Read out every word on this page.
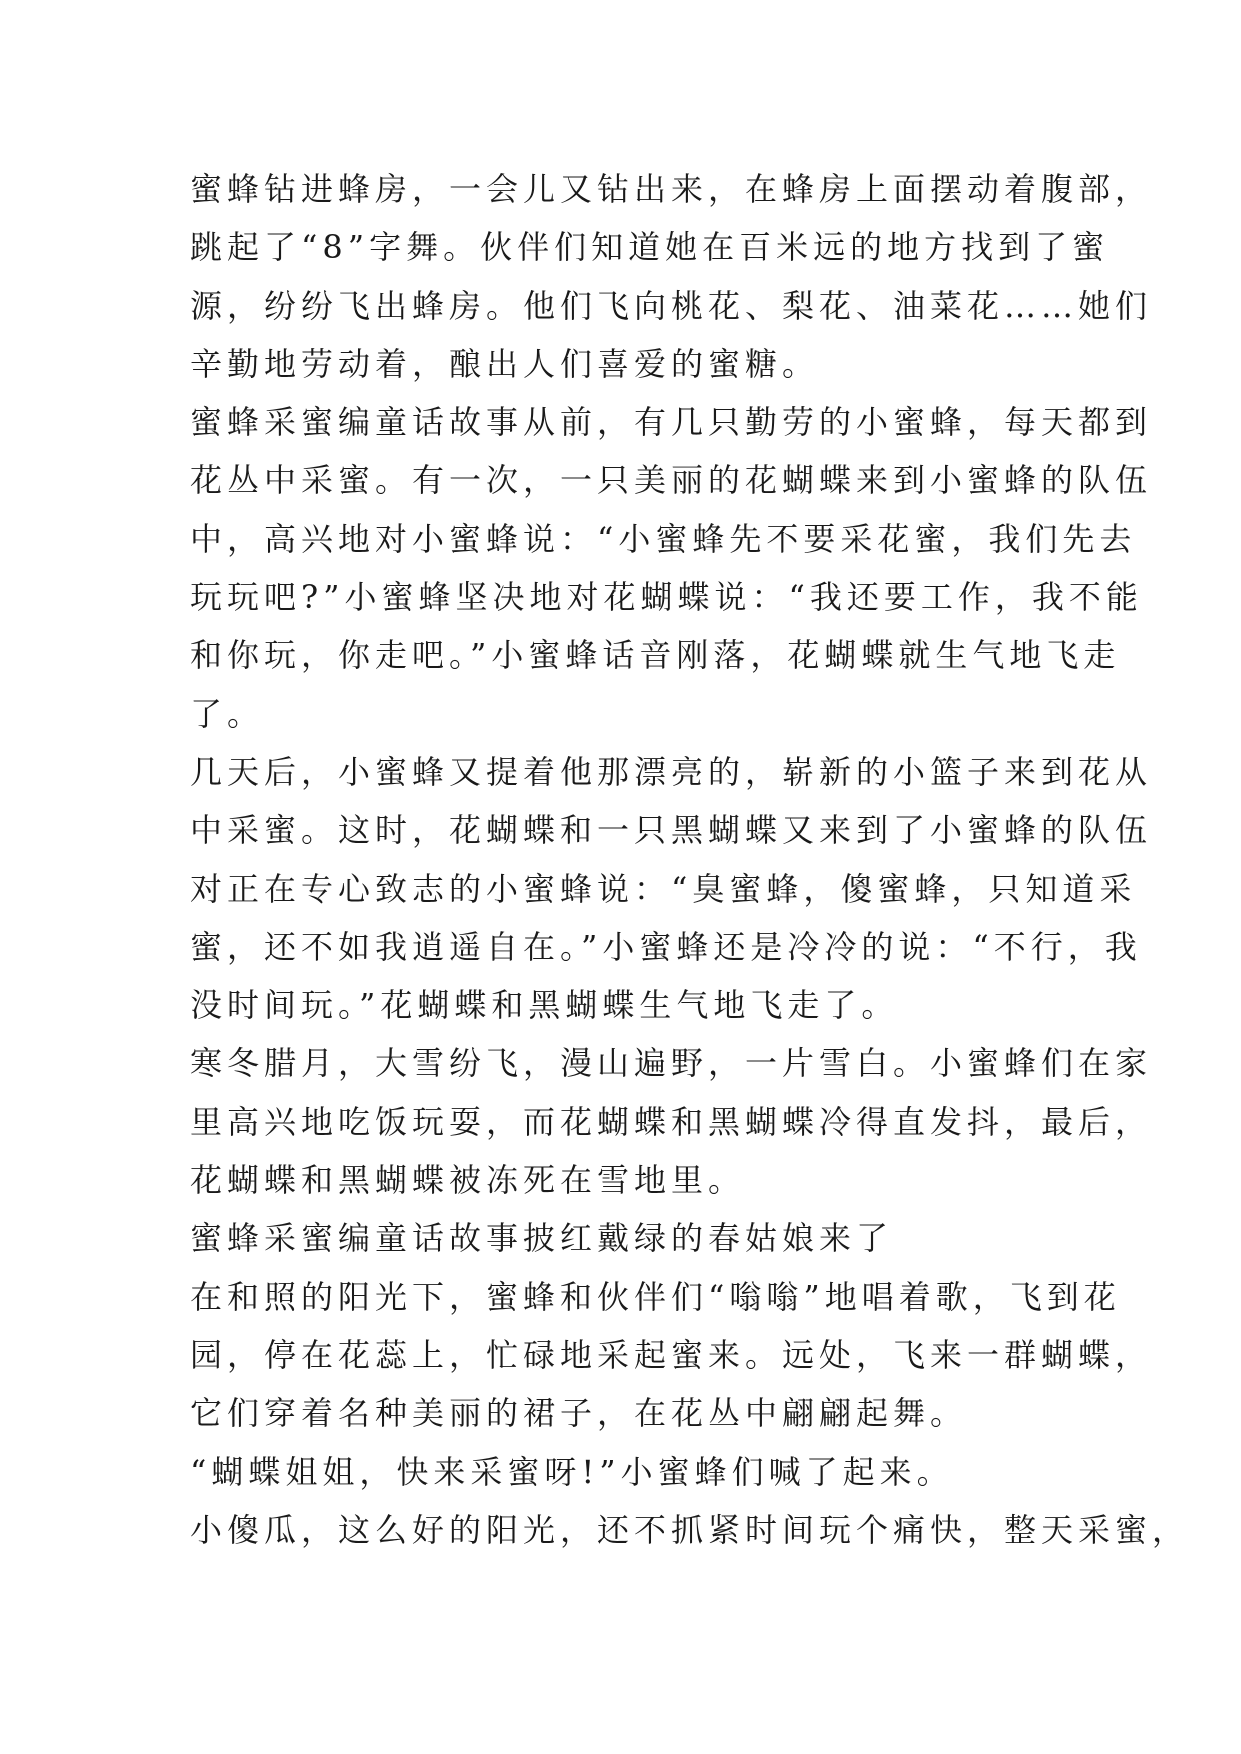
蜜蜂钻进蜂房，一会儿又钻出来，在蜂房上面摆动着腹部，
跳起了“8”字舞。伙伴们知道她在百米远的地方找到了蜜
源，纷纷飞出蜂房。他们飞向桃花、梨花、油菜花……她们
辛勤地劳动着，酿出人们喜爱的蜜糖。
蜜蜂采蜜编童话故事从前，有几只勤劳的小蜜蜂，每天都到
花丛中采蜜。有一次，一只美丽的花蝴蝶来到小蜜蜂的队伍
中，高兴地对小蜜蜂说：“小蜜蜂先不要采花蜜，我们先去
玩玩吧?”小蜜蜂坚决地对花蝴蝶说：“我还要工作，我不能
和你玩，你走吧。”小蜜蜂话音刚落，花蝴蝶就生气地飞走
了。
几天后，小蜜蜂又提着他那漂亮的，崭新的小篮子来到花从
中采蜜。这时，花蝴蝶和一只黑蝴蝶又来到了小蜜蜂的队伍
对正在专心致志的小蜜蜂说：“臭蜜蜂，傻蜜蜂，只知道采
蜜，还不如我逍遥自在。”小蜜蜂还是冷冷的说：“不行，我
没时间玩。”花蝴蝶和黑蝴蝶生气地飞走了。
寒冬腊月，大雪纷飞，漫山遍野，一片雪白。小蜜蜂们在家
里高兴地吃饭玩耍，而花蝴蝶和黑蝴蝶冷得直发抖，最后，
花蝴蝶和黑蝴蝶被冻死在雪地里。
蜜蜂采蜜编童话故事披红戴绿的春姑娘来了
在和照的阳光下，蜜蜂和伙伴们“嗡嗡”地唱着歌，飞到花
园，停在花蕊上，忙碌地采起蜜来。远处，飞来一群蝴蝶，
它们穿着名种美丽的裙子，在花丛中翩翩起舞。
“蝴蝶姐姐，快来采蜜呀!”小蜜蜂们喊了起来。
小傻瓜，这么好的阳光，还不抓紧时间玩个痛快，整天采蜜，
